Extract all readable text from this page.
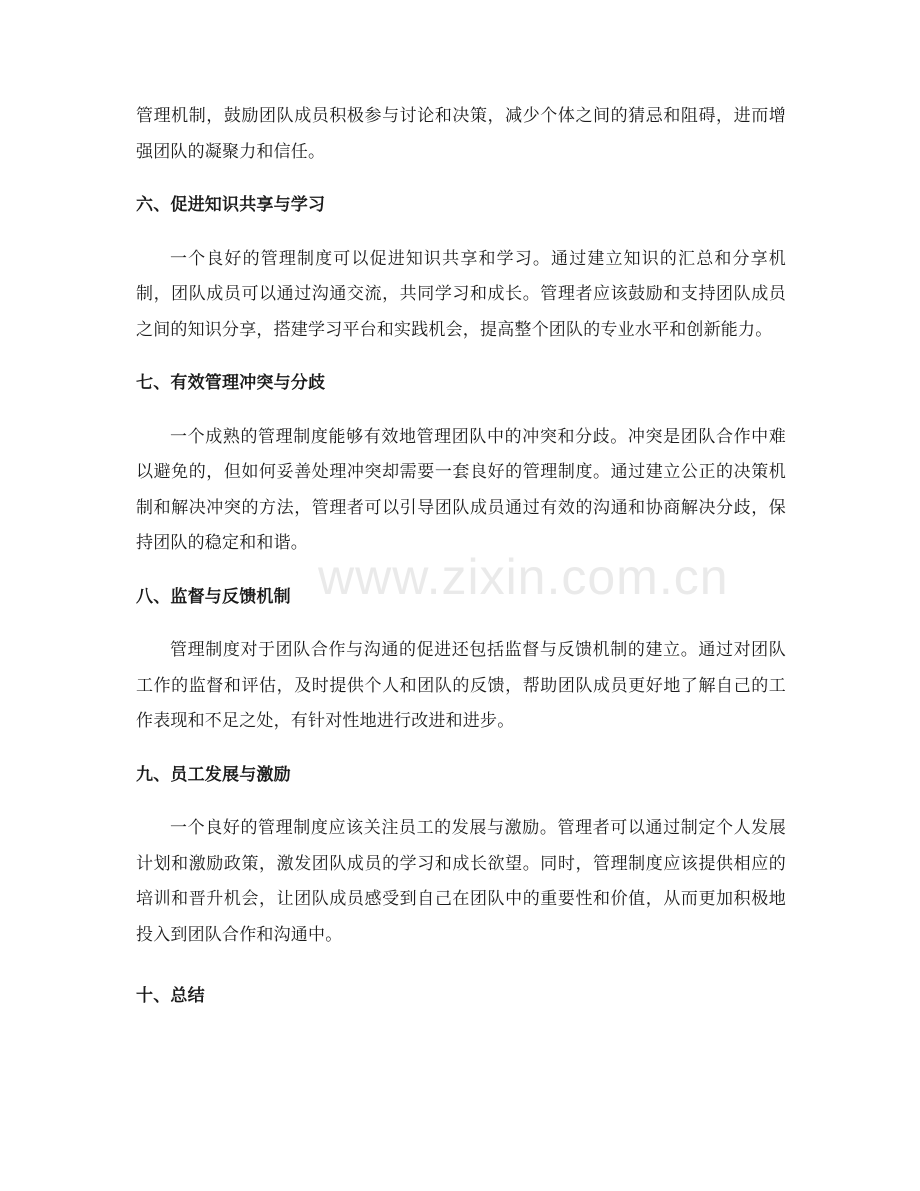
管理机制，鼓励团队成员积极参与讨论和决策，减少个体之间的猜忌和阻碍，进而增强团队的凝聚力和信任。

六、促进知识共享与学习

一个良好的管理制度可以促进知识共享和学习。通过建立知识的汇总和分享机制，团队成员可以通过沟通交流，共同学习和成长。管理者应该鼓励和支持团队成员之间的知识分享，搭建学习平台和实践机会，提高整个团队的专业水平和创新能力。

七、有效管理冲突与分歧

一个成熟的管理制度能够有效地管理团队中的冲突和分歧。冲突是团队合作中难以避免的，但如何妥善处理冲突却需要一套良好的管理制度。通过建立公正的决策机制和解决冲突的方法，管理者可以引导团队成员通过有效的沟通和协商解决分歧，保持团队的稳定和和谐。

八、监督与反馈机制

管理制度对于团队合作与沟通的促进还包括监督与反馈机制的建立。通过对团队工作的监督和评估，及时提供个人和团队的反馈，帮助团队成员更好地了解自己的工作表现和不足之处，有针对性地进行改进和进步。

九、员工发展与激励

一个良好的管理制度应该关注员工的发展与激励。管理者可以通过制定个人发展计划和激励政策，激发团队成员的学习和成长欲望。同时，管理制度应该提供相应的培训和晋升机会，让团队成员感受到自己在团队中的重要性和价值，从而更加积极地投入到团队合作和沟通中。

十、总结
www.zixin.com.cn
